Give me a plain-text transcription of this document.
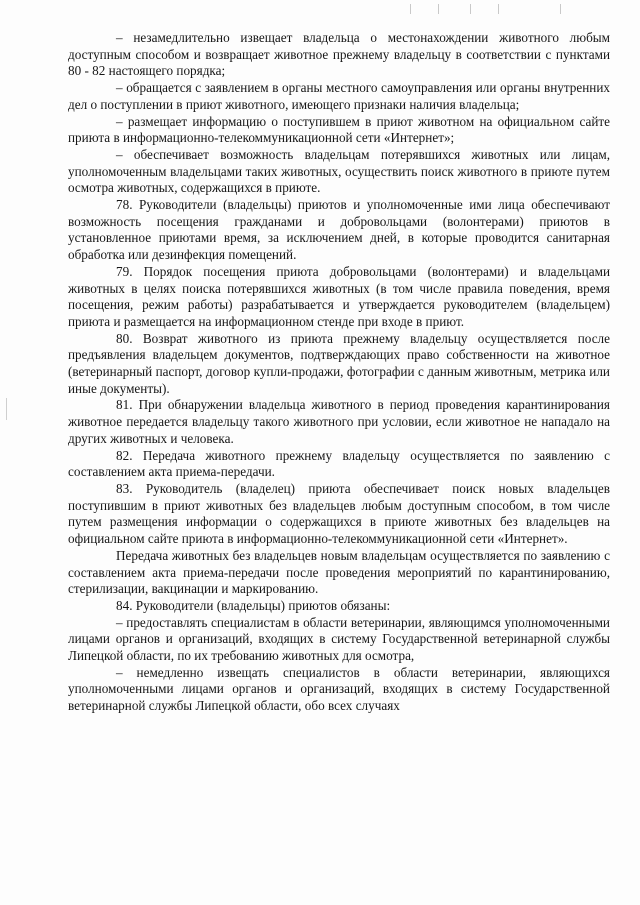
– незамедлительно извещает владельца о местонахождении животного любым доступным способом и возвращает животное прежнему владельцу в соответствии с пунктами 80 - 82 настоящего порядка;

– обращается с заявлением в органы местного самоуправления или органы внутренних дел о поступлении в приют животного, имеющего признаки наличия владельца;

– размещает информацию о поступившем в приют животном на официальном сайте приюта в информационно-телекоммуникационной сети «Интернет»;

– обеспечивает возможность владельцам потерявшихся животных или лицам, уполномоченным владельцами таких животных, осуществить поиск животного в приюте путем осмотра животных, содержащихся в приюте.

78. Руководители (владельцы) приютов и уполномоченные ими лица обеспечивают возможность посещения гражданами и добровольцами (волонтерами) приютов в установленное приютами время, за исключением дней, в которые проводится санитарная обработка или дезинфекция помещений.

79. Порядок посещения приюта добровольцами (волонтерами) и владельцами животных в целях поиска потерявшихся животных (в том числе правила поведения, время посещения, режим работы) разрабатывается и утверждается руководителем (владельцем) приюта и размещается на информационном стенде при входе в приют.

80. Возврат животного из приюта прежнему владельцу осуществляется после предъявления владельцем документов, подтверждающих право собственности на животное (ветеринарный паспорт, договор купли-продажи, фотографии с данным животным, метрика или иные документы).

81. При обнаружении владельца животного в период проведения карантинирования животное передается владельцу такого животного при условии, если животное не нападало на других животных и человека.

82. Передача животного прежнему владельцу осуществляется по заявлению с составлением акта приема-передачи.

83. Руководитель (владелец) приюта обеспечивает поиск новых владельцев поступившим в приют животных без владельцев любым доступным способом, в том числе путем размещения информации о содержащихся в приюте животных без владельцев на официальном сайте приюта в информационно-телекоммуникационной сети «Интернет».

Передача животных без владельцев новым владельцам осуществляется по заявлению с составлением акта приема-передачи после проведения мероприятий по карантинированию, стерилизации, вакцинации и маркированию.

84. Руководители (владельцы) приютов обязаны:

– предоставлять специалистам в области ветеринарии, являющимся уполномоченными лицами органов и организаций, входящих в систему Государственной ветеринарной службы Липецкой области, по их требованию животных для осмотра,

– немедленно извещать специалистов в области ветеринарии, являющихся уполномоченными лицами органов и организаций, входящих в систему Государственной ветеринарной службы Липецкой области, обо всех случаях
